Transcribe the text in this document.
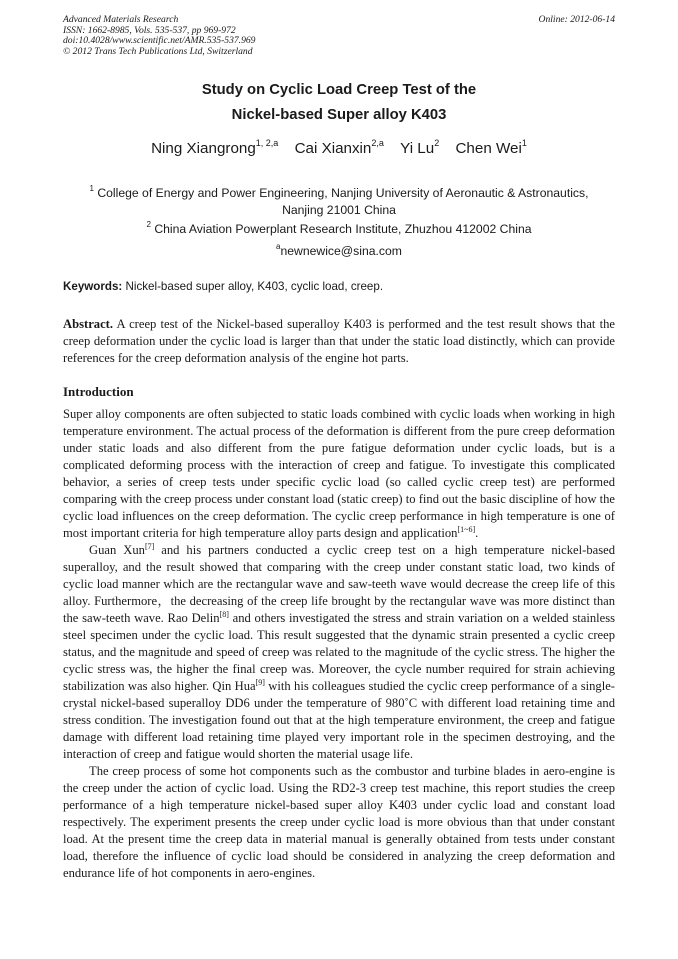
Advanced Materials Research
ISSN: 1662-8985, Vols. 535-537, pp 969-972
doi:10.4028/www.scientific.net/AMR.535-537.969
© 2012 Trans Tech Publications Ltd, Switzerland
Online: 2012-06-14
Study on Cyclic Load Creep Test of the
Nickel-based Super alloy K403
Ning Xiangrong$^{1, 2,a}$ Cai Xianxin$^{2,a}$ Yi Lu$^2$ Chen Wei$^1$
$^1$ College of Energy and Power Engineering, Nanjing University of Aeronautic & Astronautics,
Nanjing 21001 China
$^2$ China Aviation Powerplant Research Institute, Zhuzhou 412002 China
$^a$newnewice@sina.com
Keywords: Nickel-based super alloy, K403, cyclic load, creep.
Abstract. A creep test of the Nickel-based superalloy K403 is performed and the test result shows that the creep deformation under the cyclic load is larger than that under the static load distinctly, which can provide references for the creep deformation analysis of the engine hot parts.
Introduction

Super alloy components are often subjected to static loads combined with cyclic loads when working in high temperature environment. The actual process of the deformation is different from the pure creep deformation under static loads and also different from the pure fatigue deformation under cyclic loads, but is a complicated deforming process with the interaction of creep and fatigue. To investigate this complicated behavior, a series of creep tests under specific cyclic load (so called cyclic creep test) are performed comparing with the creep process under constant load (static creep) to find out the basic discipline of how the cyclic load influences on the creep deformation. The cyclic creep performance in high temperature is one of most important criteria for high temperature alloy parts design and application[1~6].

Guan Xun[7] and his partners conducted a cyclic creep test on a high temperature nickel-based superalloy, and the result showed that comparing with the creep under constant static load, two kinds of cyclic load manner which are the rectangular wave and saw-teeth wave would decrease the creep life of this alloy. Furthermore，the decreasing of the creep life brought by the rectangular wave was more distinct than the saw-teeth wave. Rao Delin[8] and others investigated the stress and strain variation on a welded stainless steel specimen under the cyclic load. This result suggested that the dynamic strain presented a cyclic creep status, and the magnitude and speed of creep was related to the magnitude of the cyclic stress. The higher the cyclic stress was, the higher the final creep was. Moreover, the cycle number required for strain achieving stabilization was also higher. Qin Hua[9] with his colleagues studied the cyclic creep performance of a single-crystal nickel-based superalloy DD6 under the temperature of 980˚C with different load retaining time and stress condition. The investigation found out that at the high temperature environment, the creep and fatigue damage with different load retaining time played very important role in the specimen destroying, and the interaction of creep and fatigue would shorten the material usage life.

The creep process of some hot components such as the combustor and turbine blades in aero-engine is the creep under the action of cyclic load. Using the RD2-3 creep test machine, this report studies the creep performance of a high temperature nickel-based super alloy K403 under cyclic load and constant load respectively. The experiment presents the creep under cyclic load is more obvious than that under constant load. At the present time the creep data in material manual is generally obtained from tests under constant load, therefore the influence of cyclic load should be considered in analyzing the creep deformation and endurance life of hot components in aero-engines.
